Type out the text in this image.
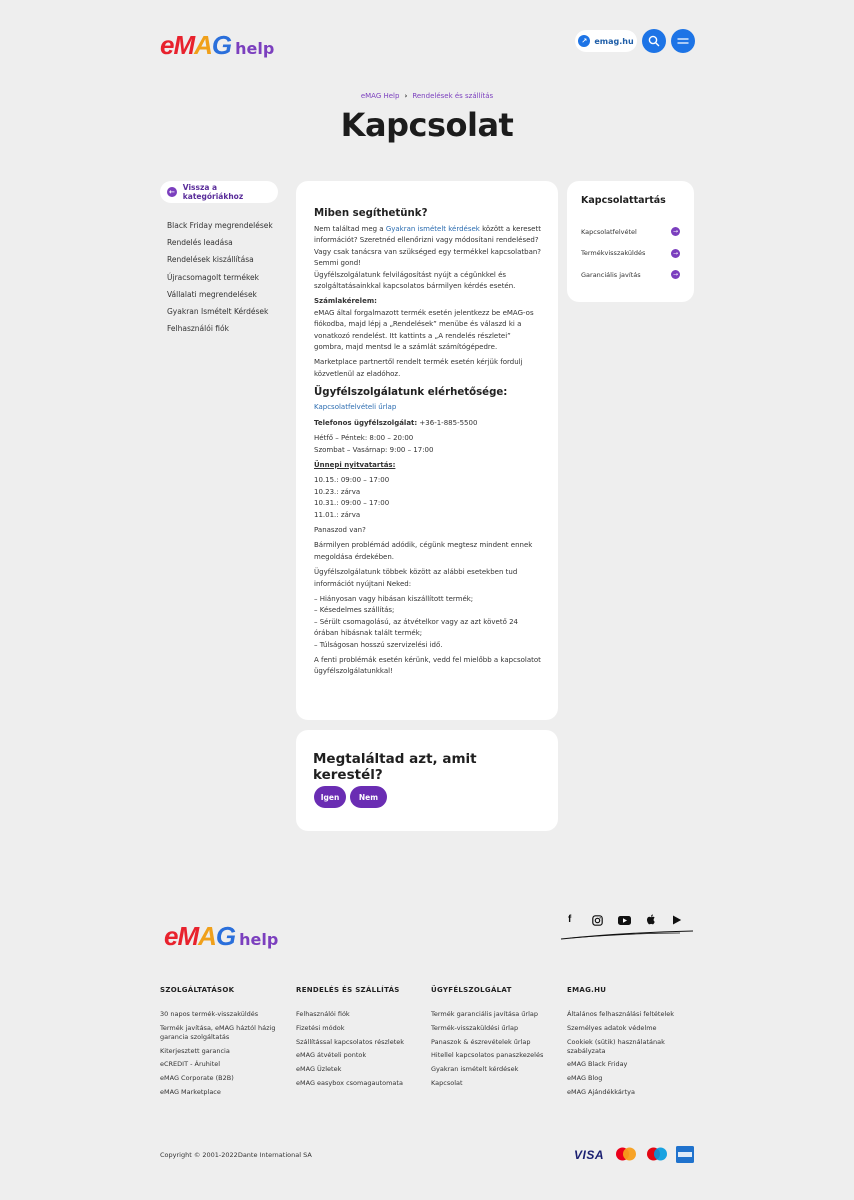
eMAG help	↗ emag.hu
eMAG Help › Rendelések és szállítás
Kapcsolat
← Vissza a kategóriákhoz
Black Friday megrendelések
Rendelés leadása
Rendelések kiszállítása
Újracsomagolt termékek
Vállalati megrendelések
Gyakran Ismételt Kérdések
Felhasználói fiók
Miben segíthetünk?
Nem találtad meg a Gyakran ismételt kérdések között a keresett információt? Szeretnéd ellenőrizni vagy módosítani rendelésed? Vagy csak tanácsra van szükséged egy termékkel kapcsolatban?
Semmi gond!
Ügyfélszolgálatunk felvilágosítást nyújt a cégünkkel és szolgáltatásainkkal kapcsolatos bármilyen kérdés esetén.
Számlakérelem:
eMAG által forgalmazott termék esetén jelentkezz be eMAG-os fiókodba, majd lépj a „Rendelések” menübe és válaszd ki a vonatkozó rendelést. Itt kattints a „A rendelés részletei” gombra, majd mentsd le a számlát számítógépedre.
Marketplace partnertől rendelt termék esetén kérjük fordulj közvetlenül az eladóhoz.
Ügyfélszolgálatunk elérhetősége:
Kapcsolatfelvételi űrlap
Telefonos ügyfélszolgálat: +36-1-885-5500
Hétfő – Péntek: 8:00 – 20:00
Szombat – Vasárnap: 9:00 – 17:00
Ünnepi nyitvatartás:
10.15.: 09:00 – 17:00
10.23.: zárva
10.31.: 09:00 – 17:00
11.01.: zárva
Panaszod van?
Bármilyen problémád adódik, cégünk megtesz mindent ennek megoldása érdekében.
Ügyfélszolgálatunk többek között az alábbi esetekben tud információt nyújtani Neked:
– Hiányosan vagy hibásan kiszállított termék;
– Késedelmes szállítás;
– Sérült csomagolású, az átvételkor vagy az azt követő 24 órában hibásnak talált termék;
– Túlságosan hosszú szervizelési idő.
A fenti problémák esetén kérünk, vedd fel mielőbb a kapcsolatot ügyfélszolgálatunkkal!
Megtaláltad azt, amit kerestél?
Igen	Nem
Kapcsolattartás
Kapcsolatfelvétel	→
Termékvisszaküldés	→
Garanciális javítás	→
eMAG help
f
SZOLGÁLTATÁSOK
30 napos termék-visszaküldés
Termék javítása, eMAG háztól házig garancia szolgáltatás
Kiterjesztett garancia
eCREDIT - Áruhitel
eMAG Corporate (B2B)
eMAG Marketplace
RENDELÉS ÉS SZÁLLÍTÁS
Felhasználói fiók
Fizetési módok
Szállítással kapcsolatos részletek
eMAG átvételi pontok
eMAG Üzletek
eMAG easybox csomagautomata
ÜGYFÉLSZOLGÁLAT
Termék garanciális javítása űrlap
Termék-visszaküldési űrlap
Panaszok & észrevételek űrlap
Hitellel kapcsolatos panaszkezelés
Gyakran ismételt kérdések
Kapcsolat
EMAG.HU
Általános felhasználási feltételek
Személyes adatok védelme
Cookiek (sütik) használatának szabályzata
eMAG Black Friday
eMAG Blog
eMAG Ajándékkártya
Copyright © 2001-2022Dante International SA	VISA
